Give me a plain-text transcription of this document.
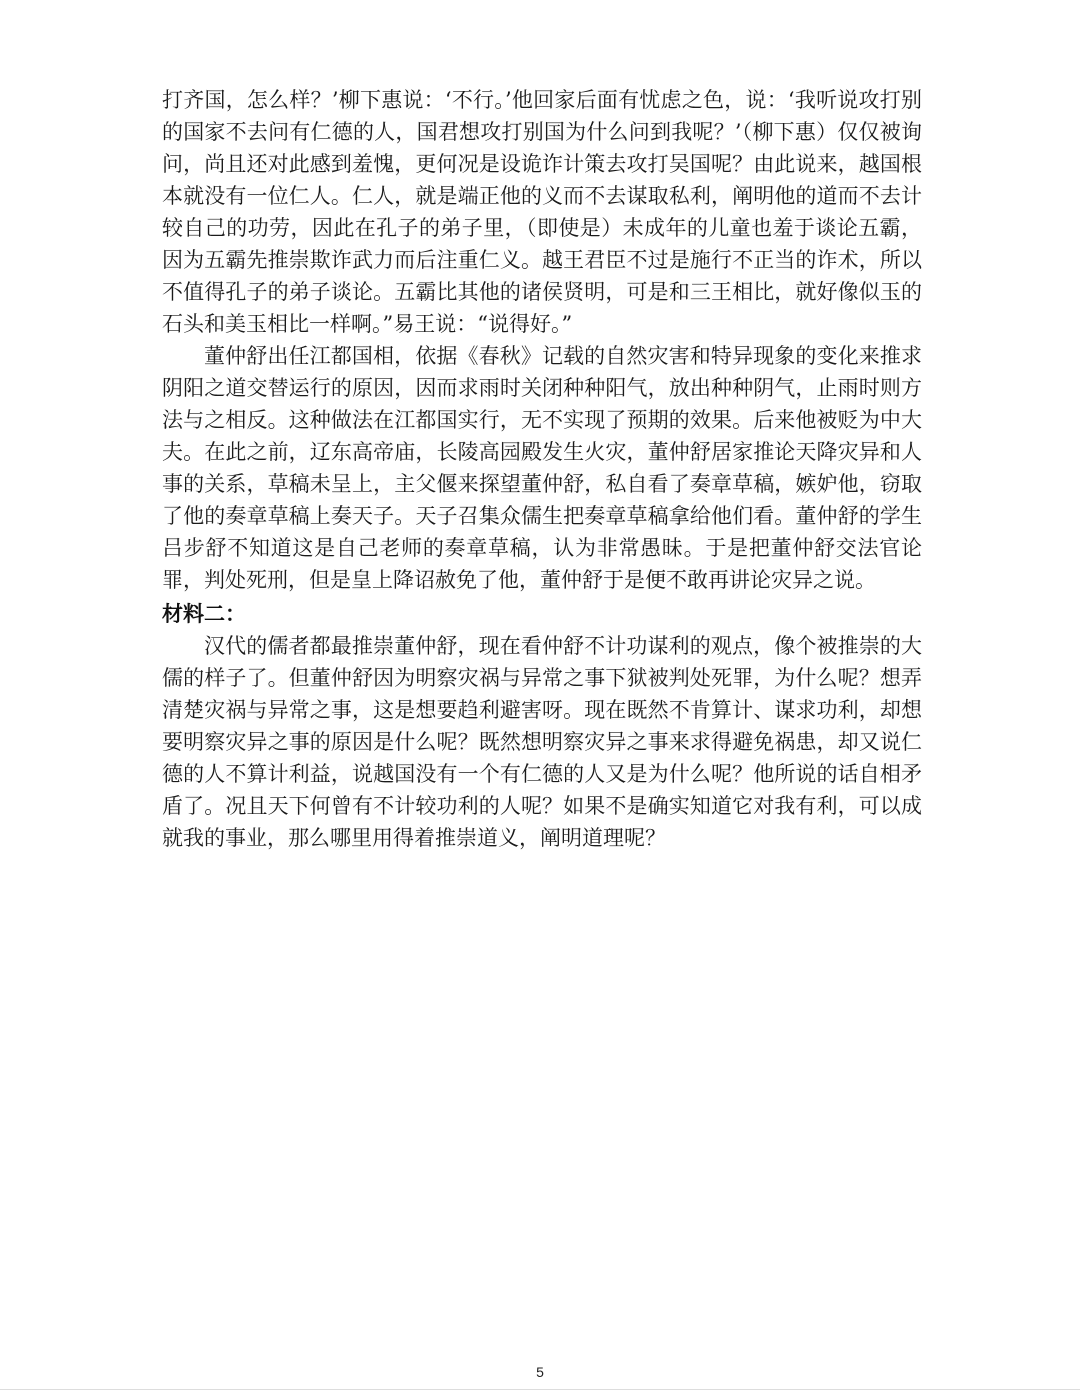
打齐国，怎么样？’柳下惠说：‘不行。’他回家后面有忧虑之色，说：‘我听说攻打别的国家不去问有仁德的人，国君想攻打别国为什么问到我呢？’（柳下惠）仅仅被询问，尚且还对此感到羞愧，更何况是设诡诈计策去攻打吴国呢？由此说来，越国根本就没有一位仁人。仁人，就是端正他的义而不去谋取私利，阐明他的道而不去计较自己的功劳，因此在孔子的弟子里，（即使是）未成年的儿童也羞于谈论五霸，因为五霸先推崇欺诈武力而后注重仁义。越王君臣不过是施行不正当的诈术，所以不值得孔子的弟子谈论。五霸比其他的诸侯贤明，可是和三王相比，就好像似玉的石头和美玉相比一样啊。”易王说：“说得好。”

董仲舒出任江都国相，依据《春秋》记载的自然灾害和特异现象的变化来推求阴阳之道交替运行的原因，因而求雨时关闭种种阳气，放出种种阴气，止雨时则方法与之相反。这种做法在江都国实行，无不实现了预期的效果。后来他被贬为中大夫。在此之前，辽东高帝庙，长陵高园殿发生火灾，董仲舒居家推论天降灾异和人事的关系，草稿未呈上，主父偃来探望董仲舒，私自看了奏章草稿，嫉妒他，窃取了他的奏章草稿上奏天子。天子召集众儒生把奏章草稿拿给他们看。董仲舒的学生吕步舒不知道这是自己老师的奏章草稿，认为非常愚昧。于是把董仲舒交法官论罪，判处死刑，但是皇上降诏赦免了他，董仲舒于是便不敢再讲论灾异之说。

材料二：

汉代的儒者都最推崇董仲舒，现在看仲舒不计功谋利的观点，像个被推崇的大儒的样子了。但董仲舒因为明察灾祸与异常之事下狱被判处死罪，为什么呢？想弄清楚灾祸与异常之事，这是想要趋利避害呀。现在既然不肯算计、谋求功利，却想要明察灾异之事的原因是什么呢？既然想明察灾异之事来求得避免祸患，却又说仁德的人不算计利益，说越国没有一个有仁德的人又是为什么呢？他所说的话自相矛盾了。况且天下何曾有不计较功利的人呢？如果不是确实知道它对我有利，可以成就我的事业，那么哪里用得着推崇道义，阐明道理呢？

5
